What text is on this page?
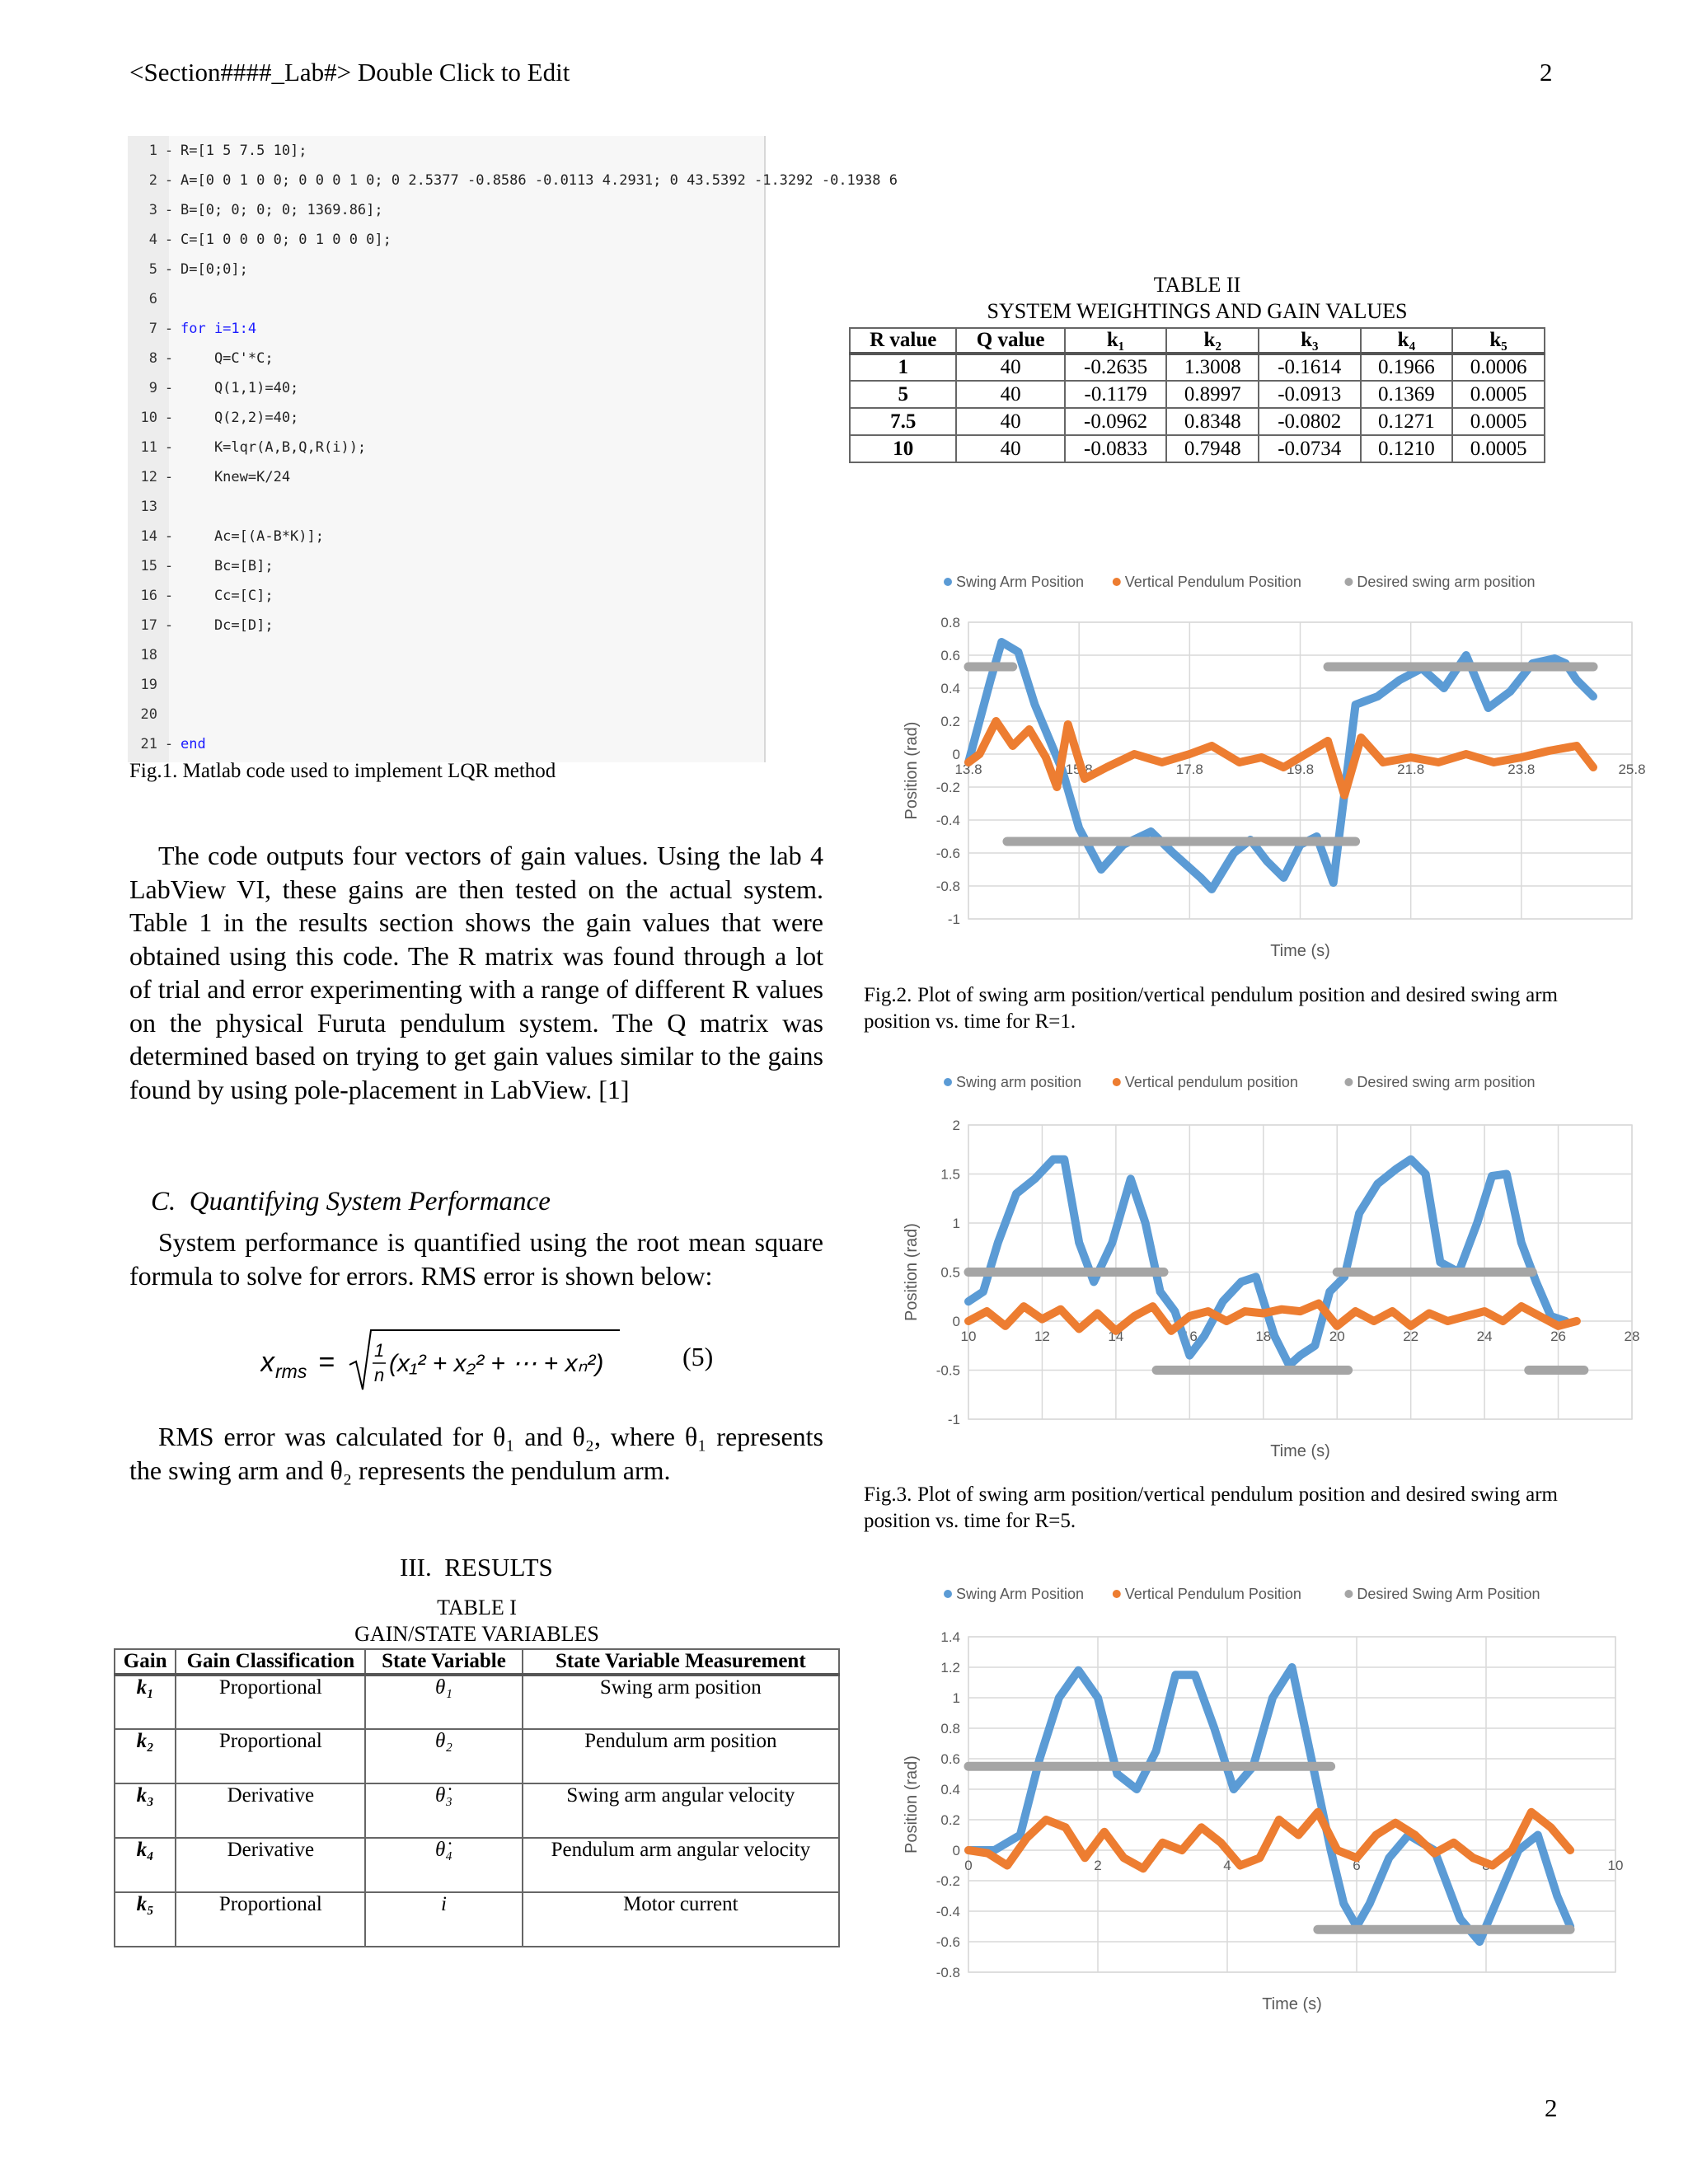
<Section####_Lab#> Double Click to Edit	2
1 - R=[1 5 7.5 10];
2 - A=[0 0 1 0 0; 0 0 0 1 0; 0 2.5377 -0.8586 -0.0113 4.2931; 0 43.5392 -1.3292 -0.1938 6
3 - B=[0; 0; 0; 0; 1369.86];
4 - C=[1 0 0 0 0; 0 1 0 0 0];
5 - D=[0;0];
6
7 - for i=1:4
8 -    Q=C'*C;
9 -    Q(1,1)=40;
10 -    Q(2,2)=40;
11 -    K=lqr(A,B,Q,R(i));
12 -    Knew=K/24
13
14 -    Ac=[(A-B*K)];
15 -    Bc=[B];
16 -    Cc=[C];
17 -    Dc=[D];
18
19
20
21 - end
Fig.1. Matlab code used to implement LQR method
The code outputs four vectors of gain values. Using the lab 4 LabView VI, these gains are then tested on the actual system. Table 1 in the results section shows the gain values that were obtained using this code. The R matrix was found through a lot of trial and error experimenting with a range of different R values on the physical Furuta pendulum system. The Q matrix was determined based on trying to get gain values similar to the gains found by using pole-placement in LabView. [1]
C. Quantifying System Performance
System performance is quantified using the root mean square formula to solve for errors. RMS error is shown below:
x rms = 1
n (x₁² + x₂² + ⋯ + xₙ²)	(5)
RMS error was calculated for θ₁ and θ₂, where θ₁ represents the swing arm and θ₂ represents the pendulum arm.
III. RESULTS
TABLE I
GAIN/STATE VARIABLES
Gain	Gain Classification	State Variable	State Variable Measurement
k₁	Proportional	θ₁	Swing arm position
k₂	Proportional	θ₂	Pendulum arm position
k₃	Derivative	θ̇₃	Swing arm angular velocity
k₄	Derivative	θ̇₄	Pendulum arm angular velocity
k₅	Proportional	i	Motor current
TABLE II
SYSTEM WEIGHTINGS AND GAIN VALUES
R value	Q value	k₁	k₂	k₃	k₄	k₅
1	40	-0.2635	1.3008	-0.1614	0.1966	0.0006
5	40	-0.1179	0.8997	-0.0913	0.1369	0.0005
7.5	40	-0.0962	0.8348	-0.0802	0.1271	0.0005
10	40	-0.0833	0.7948	-0.0734	0.1210	0.0005
0.8
0.6
0.4
0.2
0
-0.2
-0.4
-0.6
-0.8
-1
13.8	15.8	17.8	19.8	21.8	23.8	25.8
Swing Arm Position	Vertical Pendulum Position	Desired swing arm position
Time (s)
Position (rad)
Fig.2. Plot of swing arm position/vertical pendulum position and desired swing arm position vs. time for R=1.
2
1.5
1
0.5
0
-0.5
-1
10	12	14	16	18	20	22	24	26	28
Swing arm position	Vertical pendulum position	Desired swing arm position
Time (s)
Position (rad)
Fig.3. Plot of swing arm position/vertical pendulum position and desired swing arm position vs. time for R=5.
1.4
1.2
1
0.8
0.6
0.4
0.2
0
-0.2
-0.4
-0.6
-0.8
0	2	4	6	8	10
Swing Arm Position	Vertical Pendulum Position	Desired Swing Arm Position
Time (s)
Position (rad)
2
